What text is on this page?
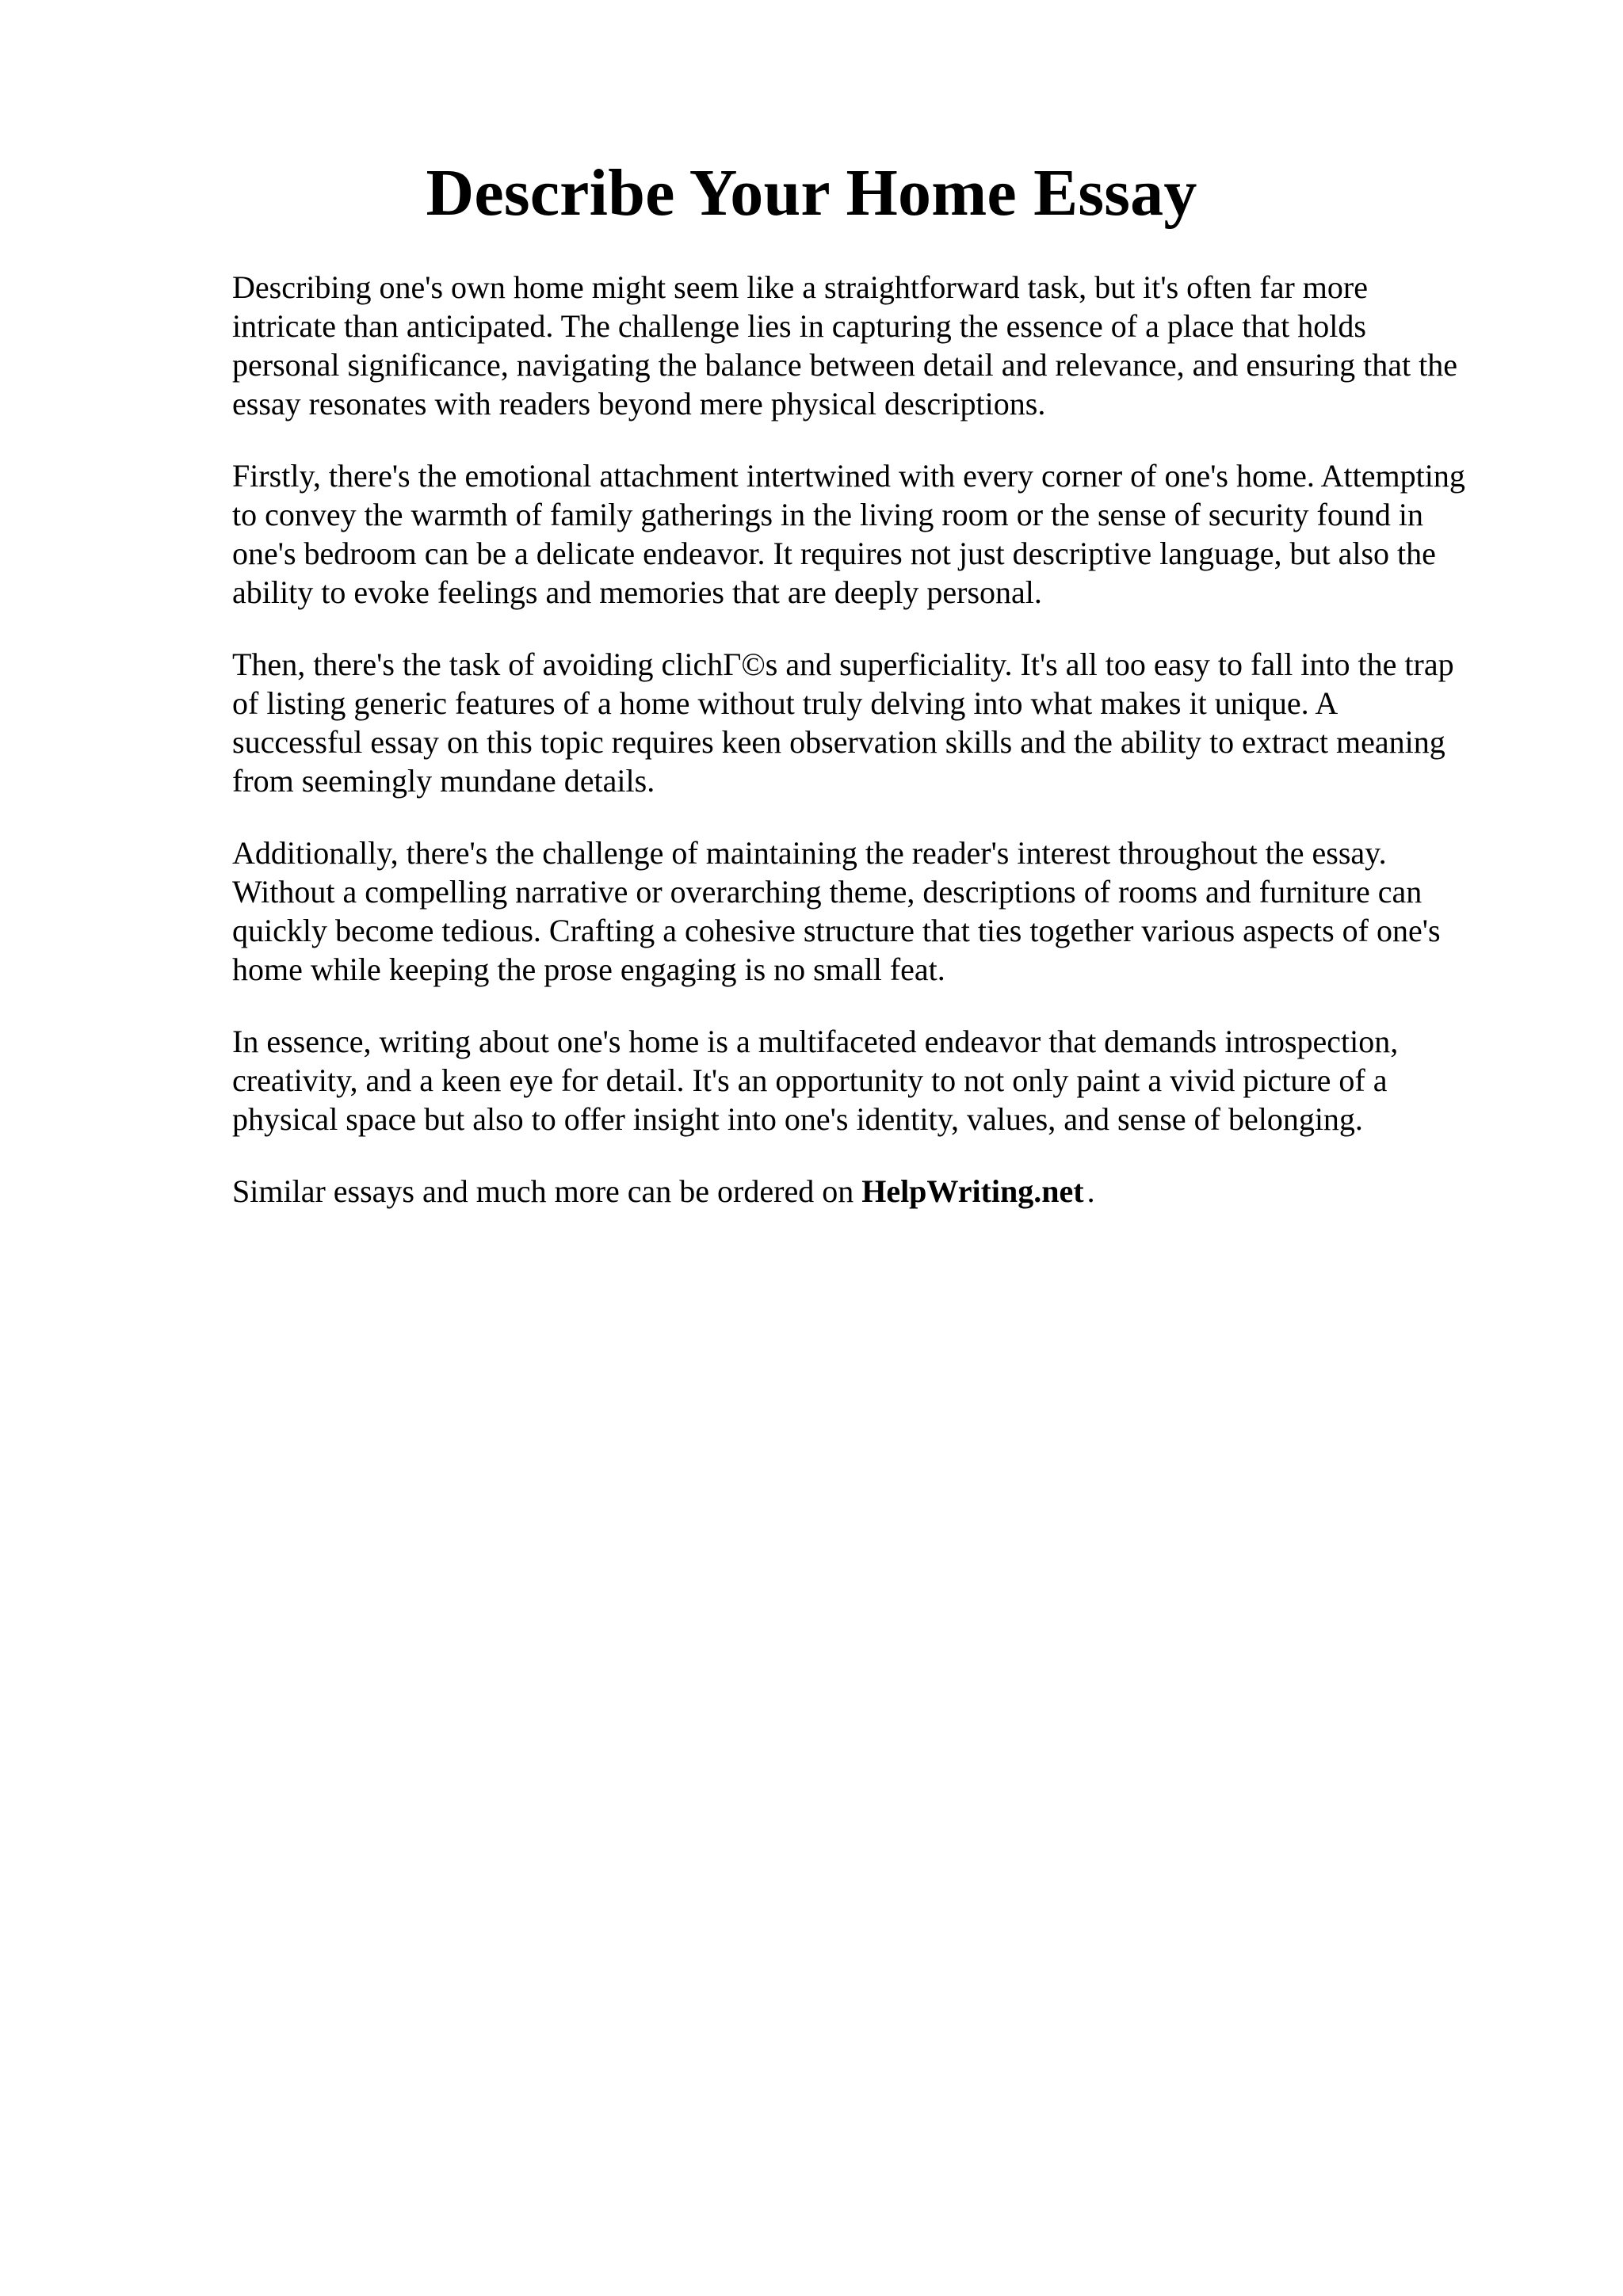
Describe Your Home Essay

Describing one's own home might seem like a straightforward task, but it's often far more
intricate than anticipated. The challenge lies in capturing the essence of a place that holds
personal significance, navigating the balance between detail and relevance, and ensuring that the
essay resonates with readers beyond mere physical descriptions.

Firstly, there's the emotional attachment intertwined with every corner of one's home. Attempting
to convey the warmth of family gatherings in the living room or the sense of security found in
one's bedroom can be a delicate endeavor. It requires not just descriptive language, but also the
ability to evoke feelings and memories that are deeply personal.

Then, there's the task of avoiding clichГ©s and superficiality. It's all too easy to fall into the trap
of listing generic features of a home without truly delving into what makes it unique. A
successful essay on this topic requires keen observation skills and the ability to extract meaning
from seemingly mundane details.

Additionally, there's the challenge of maintaining the reader's interest throughout the essay.
Without a compelling narrative or overarching theme, descriptions of rooms and furniture can
quickly become tedious. Crafting a cohesive structure that ties together various aspects of one's
home while keeping the prose engaging is no small feat.

In essence, writing about one's home is a multifaceted endeavor that demands introspection,
creativity, and a keen eye for detail. It's an opportunity to not only paint a vivid picture of a
physical space but also to offer insight into one's identity, values, and sense of belonging.

Similar essays and much more can be ordered on HelpWriting.net .
